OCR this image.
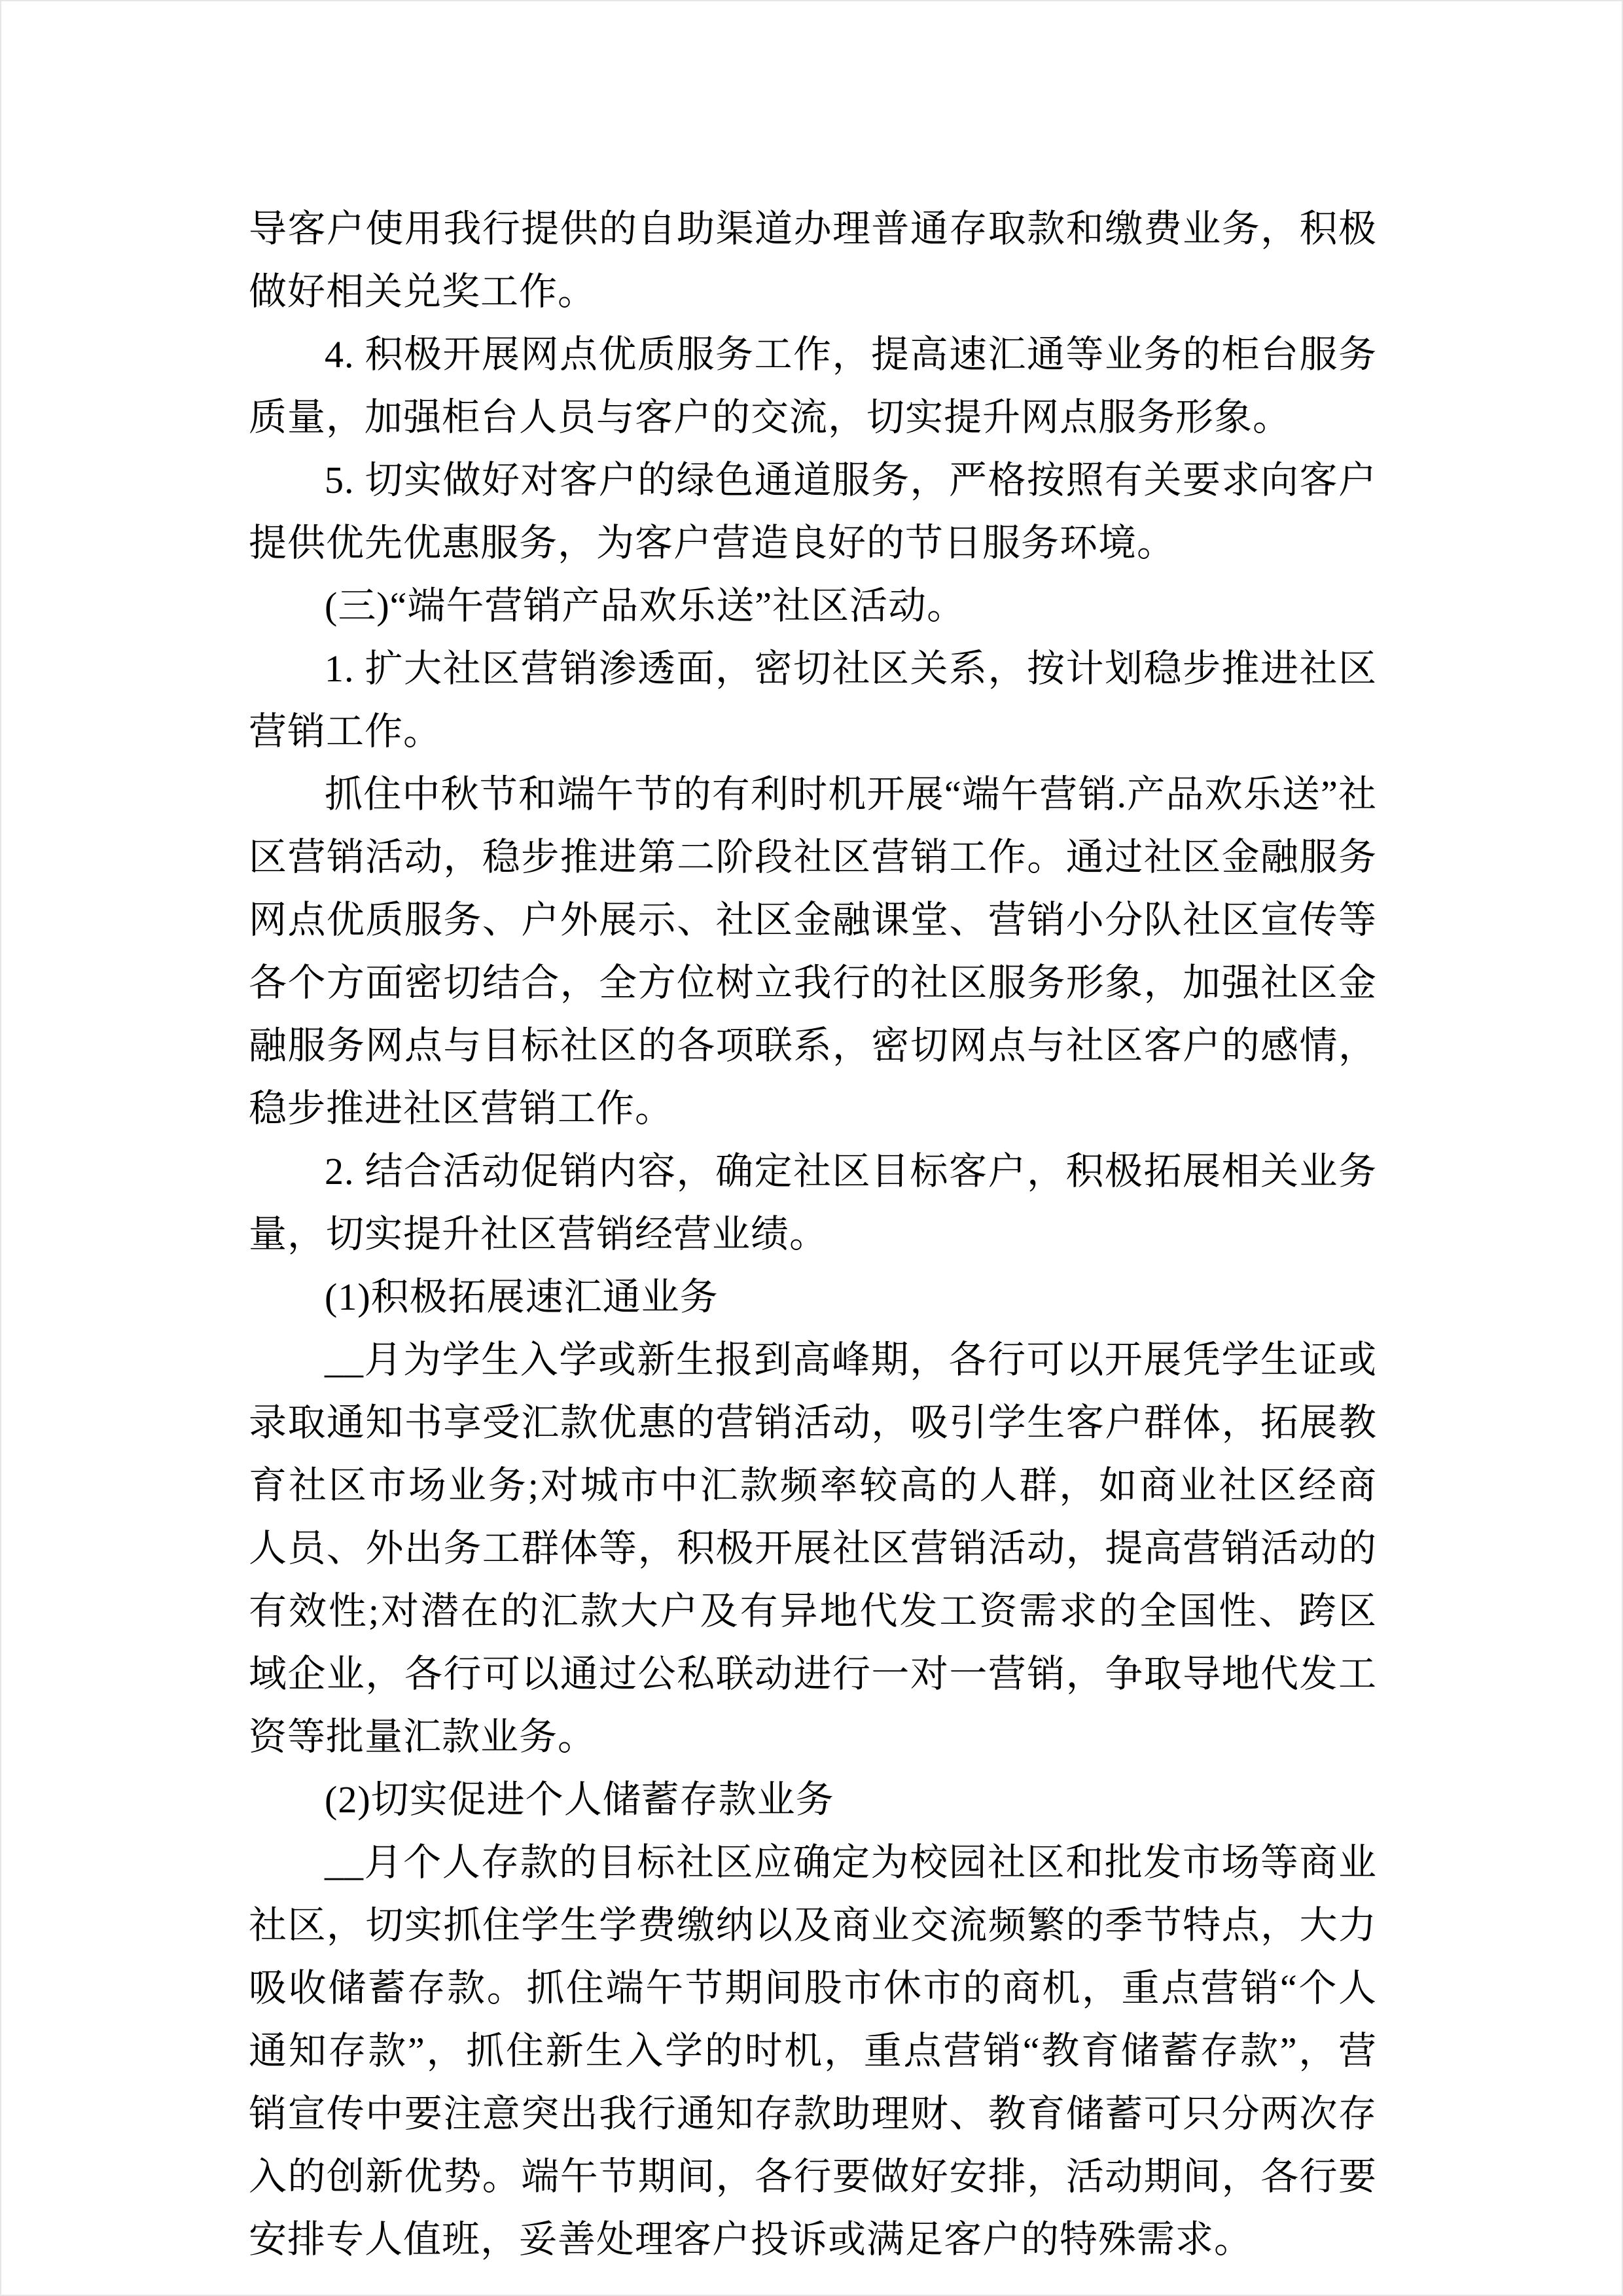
导客户使用我行提供的自助渠道办理普通存取款和缴费业务，积极做好相关兑奖工作。

4. 积极开展网点优质服务工作，提高速汇通等业务的柜台服务质量，加强柜台人员与客户的交流，切实提升网点服务形象。

5. 切实做好对客户的绿色通道服务，严格按照有关要求向客户提供优先优惠服务，为客户营造良好的节日服务环境。

(三)“端午营销产品欢乐送”社区活动。

1. 扩大社区营销渗透面，密切社区关系，按计划稳步推进社区营销工作。

抓住中秋节和端午节的有利时机开展“端午营销.产品欢乐送”社区营销活动，稳步推进第二阶段社区营销工作。通过社区金融服务网点优质服务、户外展示、社区金融课堂、营销小分队社区宣传等各个方面密切结合，全方位树立我行的社区服务形象，加强社区金融服务网点与目标社区的各项联系，密切网点与社区客户的感情，稳步推进社区营销工作。

2. 结合活动促销内容，确定社区目标客户，积极拓展相关业务量，切实提升社区营销经营业绩。

(1)积极拓展速汇通业务

__月为学生入学或新生报到高峰期，各行可以开展凭学生证或录取通知书享受汇款优惠的营销活动，吸引学生客户群体，拓展教育社区市场业务;对城市中汇款频率较高的人群，如商业社区经商人员、外出务工群体等，积极开展社区营销活动，提高营销活动的有效性;对潜在的汇款大户及有异地代发工资需求的全国性、跨区域企业，各行可以通过公私联动进行一对一营销，争取导地代发工资等批量汇款业务。

(2)切实促进个人储蓄存款业务

__月个人存款的目标社区应确定为校园社区和批发市场等商业社区，切实抓住学生学费缴纳以及商业交流频繁的季节特点，大力吸收储蓄存款。抓住端午节期间股市休市的商机，重点营销“个人通知存款”，抓住新生入学的时机，重点营销“教育储蓄存款”，营销宣传中要注意突出我行通知存款助理财、教育储蓄可只分两次存入的创新优势。端午节期间，各行要做好安排，活动期间，各行要安排专人值班，妥善处理客户投诉或满足客户的特殊需求。
